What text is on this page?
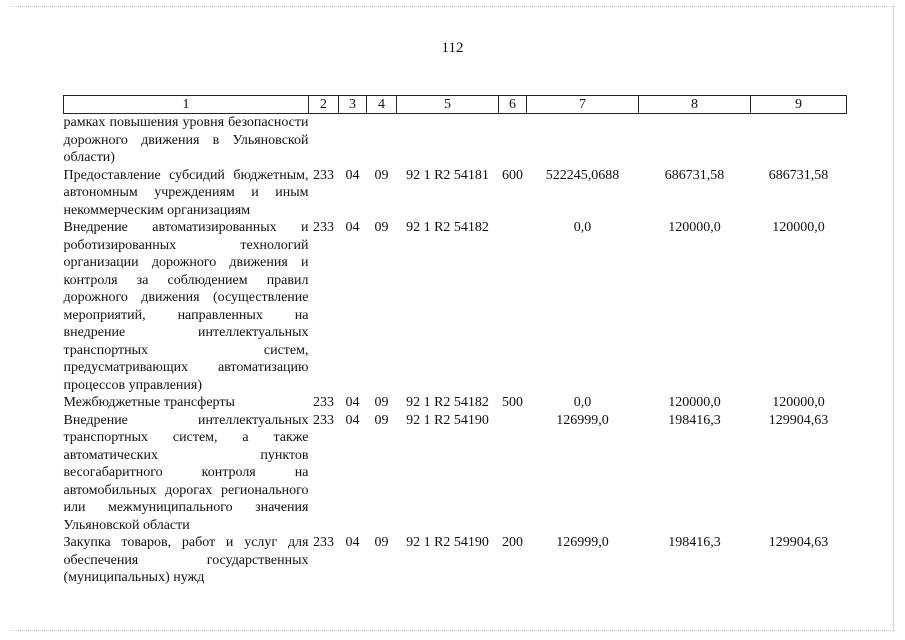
112
1	2	3	4	5	6	7	8	9
рамках повышения уровня безопасности дорожного движения в Ульяновской области)								
Предоставление субсидий бюджетным, автономным учреждениям и иным некоммерческим организациям	233	04	09	92 1 R2 54181	600	522245,0688	686731,58	686731,58
Внедрение автоматизированных и роботизированных технологий организации дорожного движения и контроля за соблюдением правил дорожного движения (осуществление мероприятий, направленных на внедрение интеллектуальных транспортных систем, предусматривающих автоматизацию процессов управления)	233	04	09	92 1 R2 54182		0,0	120000,0	120000,0
Межбюджетные трансферты	233	04	09	92 1 R2 54182	500	0,0	120000,0	120000,0
Внедрение интеллектуальных транспортных систем, а также автоматических пунктов весогабаритного контроля на автомобильных дорогах регионального или межмуниципального значения Ульяновской области	233	04	09	92 1 R2 54190		126999,0	198416,3	129904,63
Закупка товаров, работ и услуг для обеспечения государственных (муниципальных) нужд	233	04	09	92 1 R2 54190	200	126999,0	198416,3	129904,63
